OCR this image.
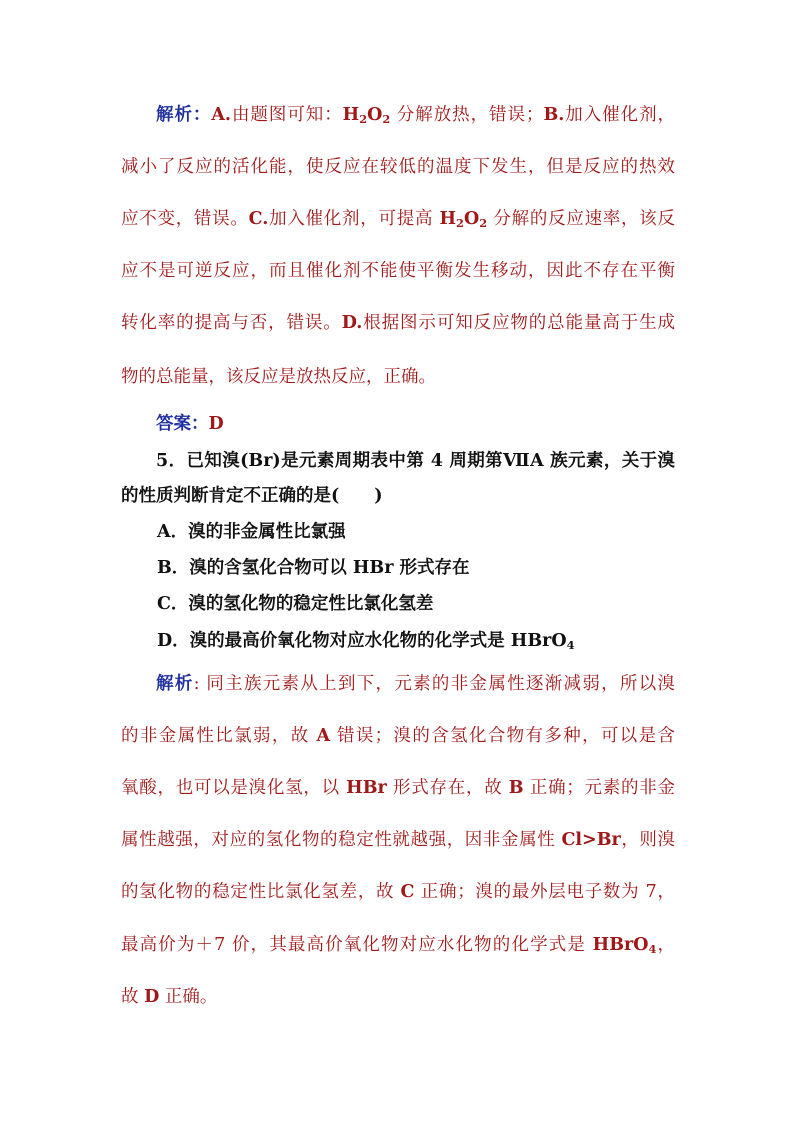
解析：A.由题图可知：$H_2O_2$ 分解放热，错误；B.加入催化剂，
减小了反应的活化能，使反应在较低的温度下发生，但是反应的热效
应不变，错误。C.加入催化剂，可提高 $H_2O_2$ 分解的反应速率，该反
应不是可逆反应，而且催化剂不能使平衡发生移动，因此不存在平衡
转化率的提高与否，错误。D.根据图示可知反应物的总能量高于生成
物的总能量，该反应是放热反应，正确。
答案：D
5．已知溴(Br)是元素周期表中第 4 周期第ⅦA 族元素，关于溴
的性质判断肯定不正确的是(　　)
A．溴的非金属性比氯强
B．溴的含氢化合物可以 HBr 形式存在
C．溴的氢化物的稳定性比氯化氢差
D．溴的最高价氧化物对应水化物的化学式是 HBrO$_4$
解析: 同主族元素从上到下，元素的非金属性逐渐减弱，所以溴
的非金属性比氯弱，故 A 错误；溴的含氢化合物有多种，可以是含
氧酸，也可以是溴化氢，以 HBr 形式存在，故 B 正确；元素的非金
属性越强，对应的氢化物的稳定性就越强，因非金属性 Cl>Br，则溴
的氢化物的稳定性比氯化氢差，故 C 正确；溴的最外层电子数为 7，
最高价为＋7 价，其最高价氧化物对应水化物的化学式是 HBrO$_4$，
故 D 正确。
